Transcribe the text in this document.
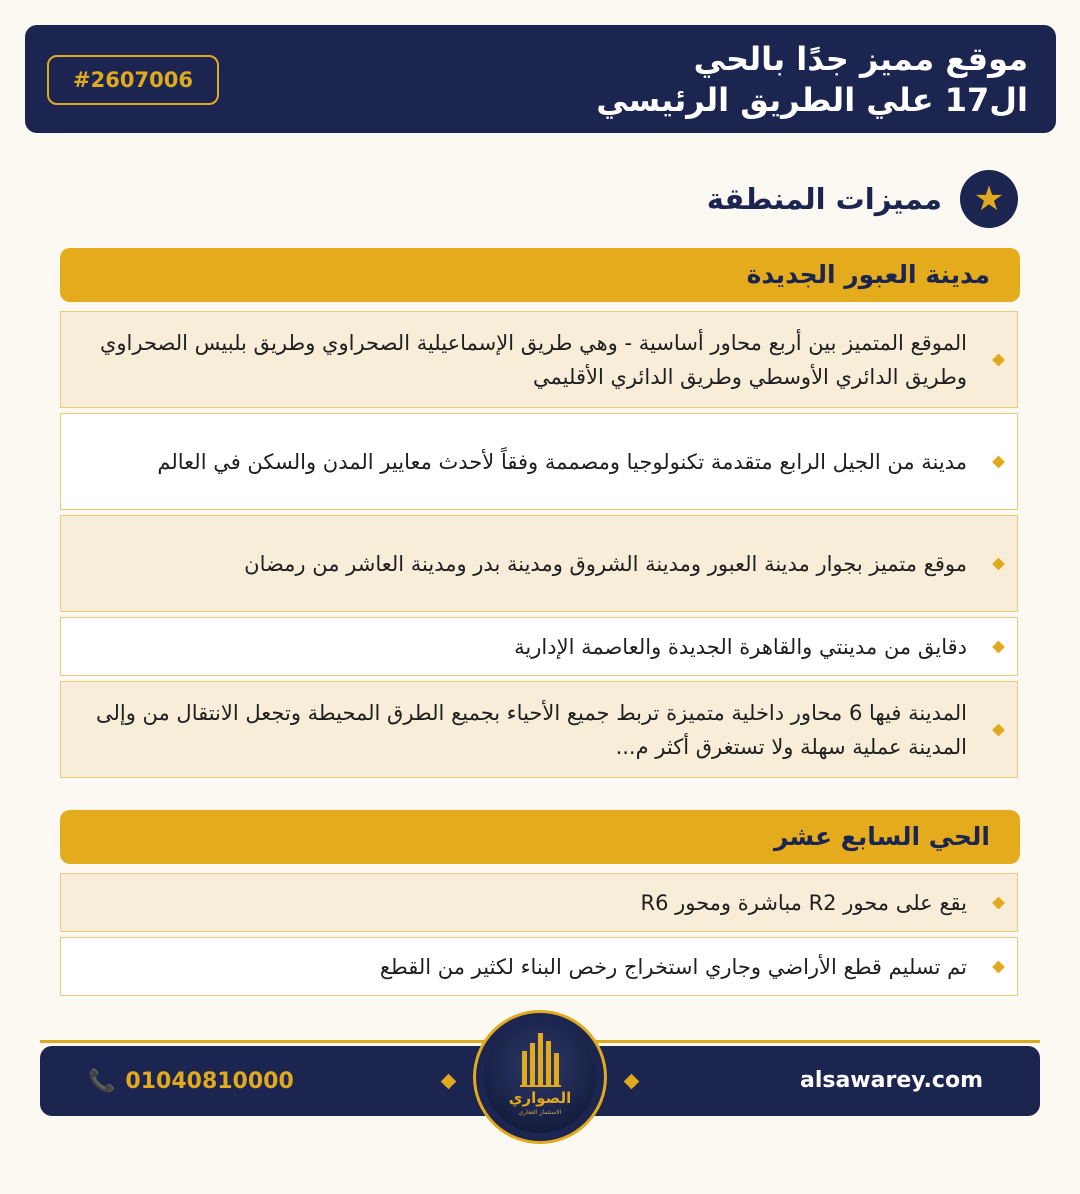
موقع مميز جدًا بالحي
ال17 علي الطريق الرئيسي
#2607006
★
مميزات المنطقة
مدينة العبور الجديدة
الموقع المتميز بين أربع محاور أساسية - وهي طريق الإسماعيلية الصحراوي وطريق بلبيس الصحراوي وطريق الدائري الأوسطي وطريق الدائري الأقليمي
مدينة من الجيل الرابع متقدمة تكنولوجيا ومصممة وفقاً لأحدث معايير المدن والسكن في العالم
موقع متميز بجوار مدينة العبور ومدينة الشروق ومدينة بدر ومدينة العاشر من رمضان
دقايق من مدينتي والقاهرة الجديدة والعاصمة الإدارية
المدينة فيها 6 محاور داخلية متميزة تربط جميع الأحياء بجميع الطرق المحيطة وتجعل الانتقال من وإلى المدينة عملية سهلة ولا تستغرق أكثر م...
الحي السابع عشر
يقع على محور R2 مباشرة ومحور R6
تم تسليم قطع الأراضي وجاري استخراج رخص البناء لكثير من القطع
📞 01040810000	alsawarey.com
الصواري
الاستثمار العقاري
